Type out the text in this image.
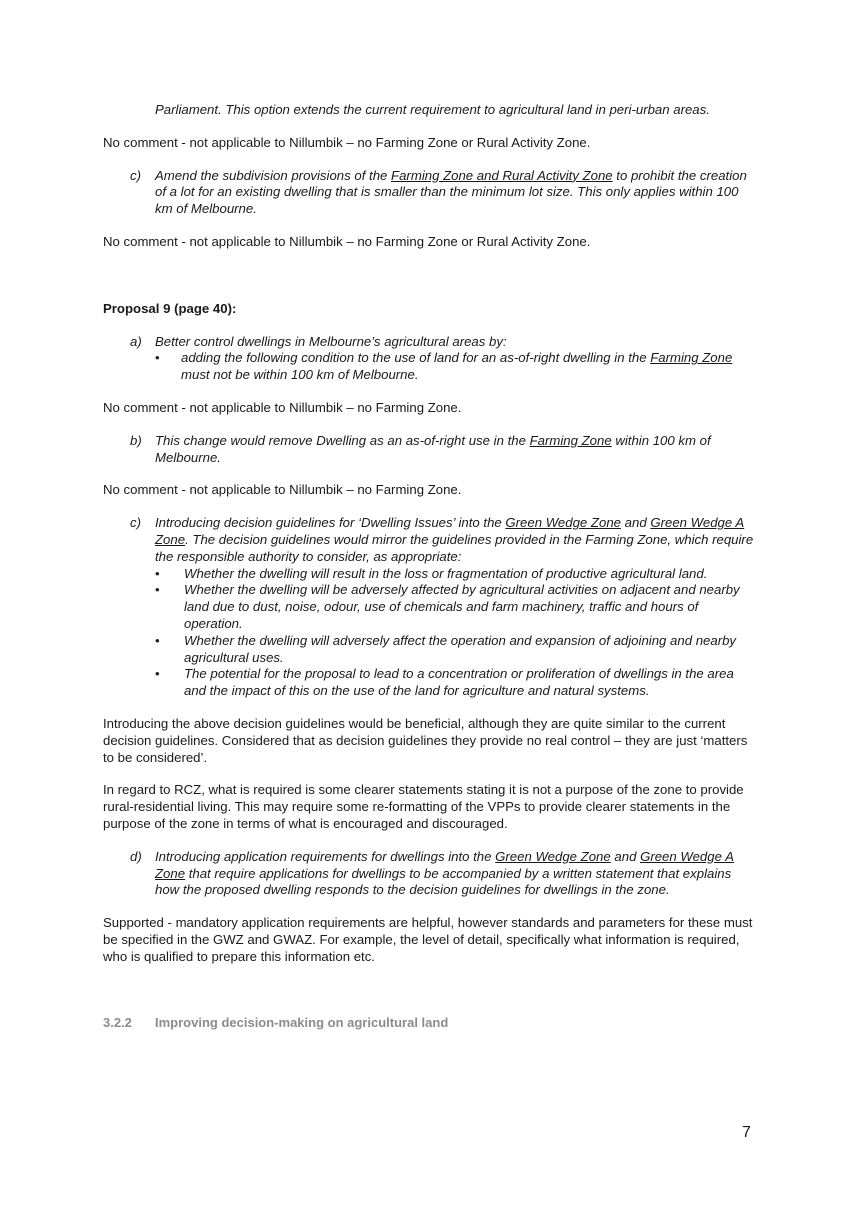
Parliament. This option extends the current requirement to agricultural land in peri-urban areas.

No comment - not applicable to Nillumbik – no Farming Zone or Rural Activity Zone.

c) Amend the subdivision provisions of the Farming Zone and Rural Activity Zone to prohibit the creation of a lot for an existing dwelling that is smaller than the minimum lot size. This only applies within 100 km of Melbourne.

No comment - not applicable to Nillumbik – no Farming Zone or Rural Activity Zone.

Proposal 9 (page 40):

a) Better control dwellings in Melbourne’s agricultural areas by:
• adding the following condition to the use of land for an as-of-right dwelling in the Farming Zone must not be within 100 km of Melbourne.

No comment - not applicable to Nillumbik – no Farming Zone.

b) This change would remove Dwelling as an as-of-right use in the Farming Zone within 100 km of Melbourne.

No comment - not applicable to Nillumbik – no Farming Zone.

c) Introducing decision guidelines for ‘Dwelling Issues’ into the Green Wedge Zone and Green Wedge A Zone. The decision guidelines would mirror the guidelines provided in the Farming Zone, which require the responsible authority to consider, as appropriate:
• Whether the dwelling will result in the loss or fragmentation of productive agricultural land.
• Whether the dwelling will be adversely affected by agricultural activities on adjacent and nearby land due to dust, noise, odour, use of chemicals and farm machinery, traffic and hours of operation.
• Whether the dwelling will adversely affect the operation and expansion of adjoining and nearby agricultural uses.
• The potential for the proposal to lead to a concentration or proliferation of dwellings in the area and the impact of this on the use of the land for agriculture and natural systems.

Introducing the above decision guidelines would be beneficial, although they are quite similar to the current decision guidelines. Considered that as decision guidelines they provide no real control – they are just ‘matters to be considered’.

In regard to RCZ, what is required is some clearer statements stating it is not a purpose of the zone to provide rural-residential living. This may require some re-formatting of the VPPs to provide clearer statements in the purpose of the zone in terms of what is encouraged and discouraged.

d) Introducing application requirements for dwellings into the Green Wedge Zone and Green Wedge A Zone that require applications for dwellings to be accompanied by a written statement that explains how the proposed dwelling responds to the decision guidelines for dwellings in the zone.

Supported - mandatory application requirements are helpful, however standards and parameters for these must be specified in the GWZ and GWAZ. For example, the level of detail, specifically what information is required, who is qualified to prepare this information etc.

3.2.2 Improving decision-making on agricultural land

7
